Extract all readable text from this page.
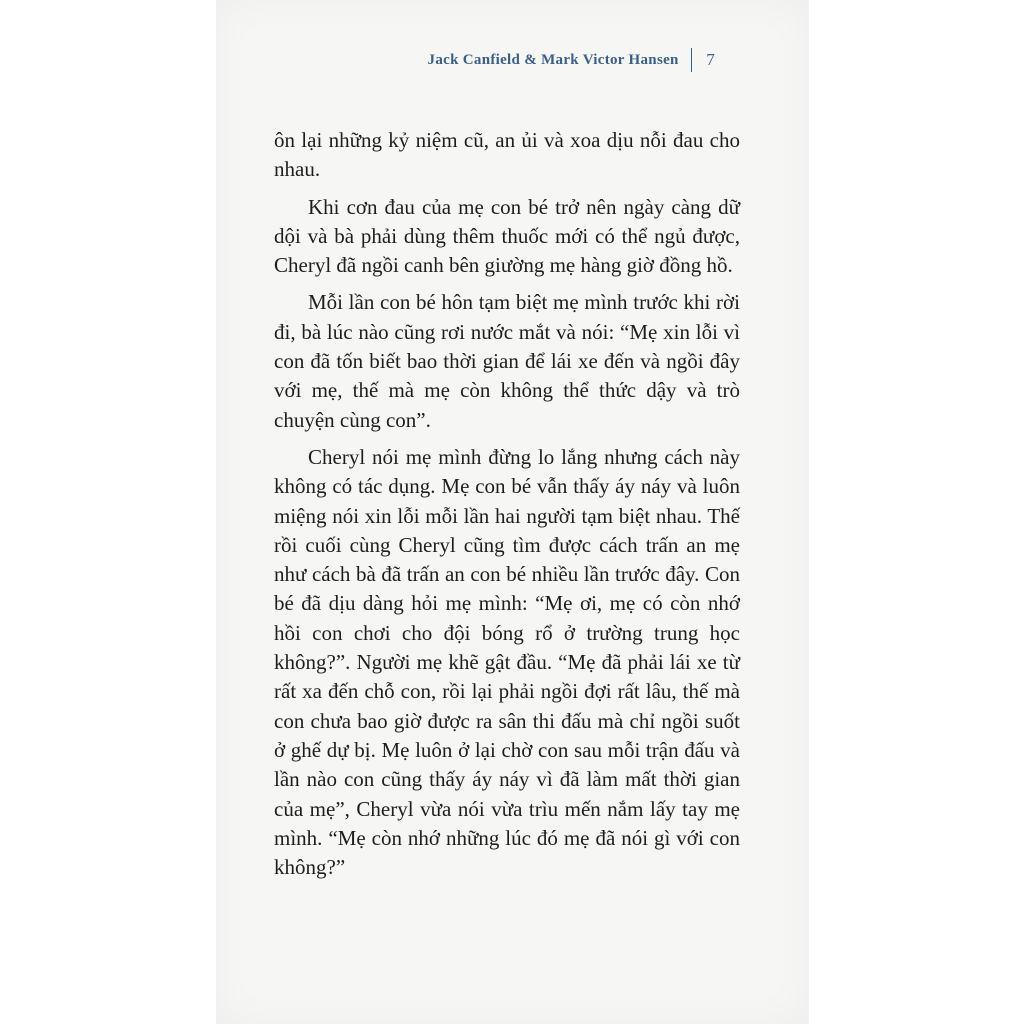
Jack Canfield & Mark Victor Hansen 7

ôn lại những kỷ niệm cũ, an ủi và xoa dịu nỗi đau cho nhau.

Khi cơn đau của mẹ con bé trở nên ngày càng dữ dội và bà phải dùng thêm thuốc mới có thể ngủ được, Cheryl đã ngồi canh bên giường mẹ hàng giờ đồng hồ.

Mỗi lần con bé hôn tạm biệt mẹ mình trước khi rời đi, bà lúc nào cũng rơi nước mắt và nói: “Mẹ xin lỗi vì con đã tốn biết bao thời gian để lái xe đến và ngồi đây với mẹ, thế mà mẹ còn không thể thức dậy và trò chuyện cùng con”.

Cheryl nói mẹ mình đừng lo lắng nhưng cách này không có tác dụng. Mẹ con bé vẫn thấy áy náy và luôn miệng nói xin lỗi mỗi lần hai người tạm biệt nhau. Thế rồi cuối cùng Cheryl cũng tìm được cách trấn an mẹ như cách bà đã trấn an con bé nhiều lần trước đây. Con bé đã dịu dàng hỏi mẹ mình: “Mẹ ơi, mẹ có còn nhớ hồi con chơi cho đội bóng rổ ở trường trung học không?”. Người mẹ khẽ gật đầu. “Mẹ đã phải lái xe từ rất xa đến chỗ con, rồi lại phải ngồi đợi rất lâu, thế mà con chưa bao giờ được ra sân thi đấu mà chỉ ngồi suốt ở ghế dự bị. Mẹ luôn ở lại chờ con sau mỗi trận đấu và lần nào con cũng thấy áy náy vì đã làm mất thời gian của mẹ”, Cheryl vừa nói vừa trìu mến nắm lấy tay mẹ mình. “Mẹ còn nhớ những lúc đó mẹ đã nói gì với con không?”
